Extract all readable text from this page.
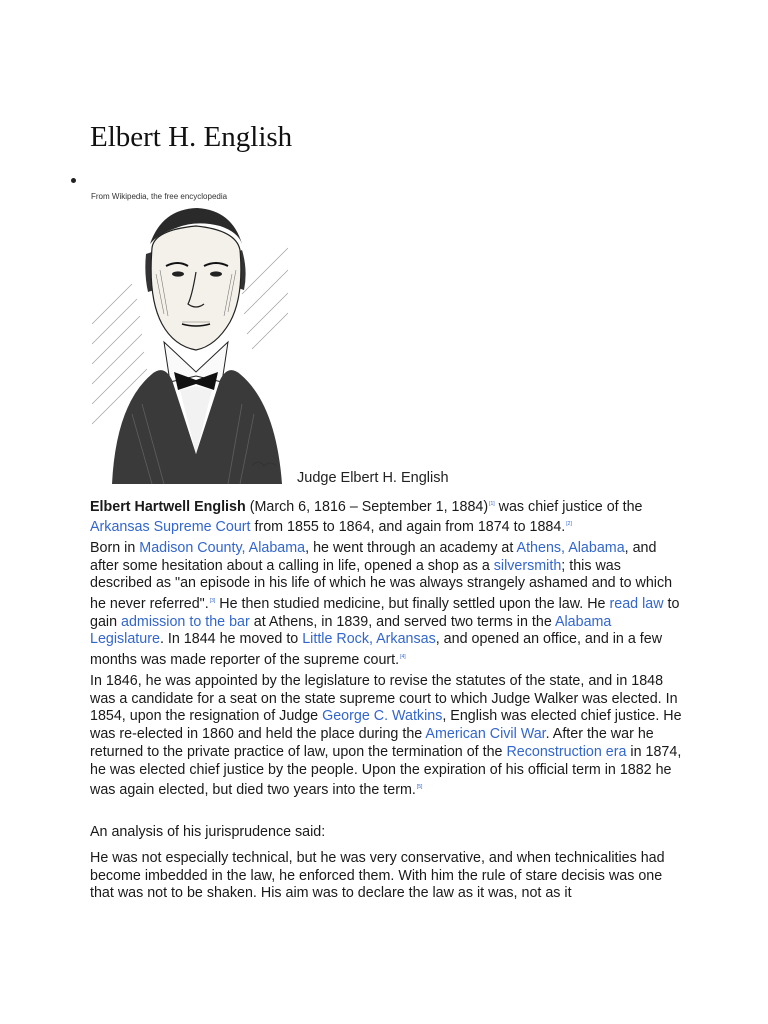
Elbert H. English
From Wikipedia, the free encyclopedia
Judge Elbert H. English

Elbert Hartwell English (March 6, 1816 – September 1, 1884)[1] was chief justice of the Arkansas Supreme Court from 1855 to 1864, and again from 1874 to 1884.[2]

Born in Madison County, Alabama, he went through an academy at Athens, Alabama, and after some hesitation about a calling in life, opened a shop as a silversmith; this was described as "an episode in his life of which he was always strangely ashamed and to which he never referred".[3] He then studied medicine, but finally settled upon the law. He read law to gain admission to the bar at Athens, in 1839, and served two terms in the Alabama Legislature. In 1844 he moved to Little Rock, Arkansas, and opened an office, and in a few months was made reporter of the supreme court.[4]

In 1846, he was appointed by the legislature to revise the statutes of the state, and in 1848 was a candidate for a seat on the state supreme court to which Judge Walker was elected. In 1854, upon the resignation of Judge George C. Watkins, English was elected chief justice. He was re-elected in 1860 and held the place during the American Civil War. After the war he returned to the private practice of law, upon the termination of the Reconstruction era in 1874, he was elected chief justice by the people. Upon the expiration of his official term in 1882 he was again elected, but died two years into the term.[5]

An analysis of his jurisprudence said:

He was not especially technical, but he was very conservative, and when technicalities had become imbedded in the law, he enforced them. With him the rule of stare decisis was one that was not to be shaken. His aim was to declare the law as it was, not as it
